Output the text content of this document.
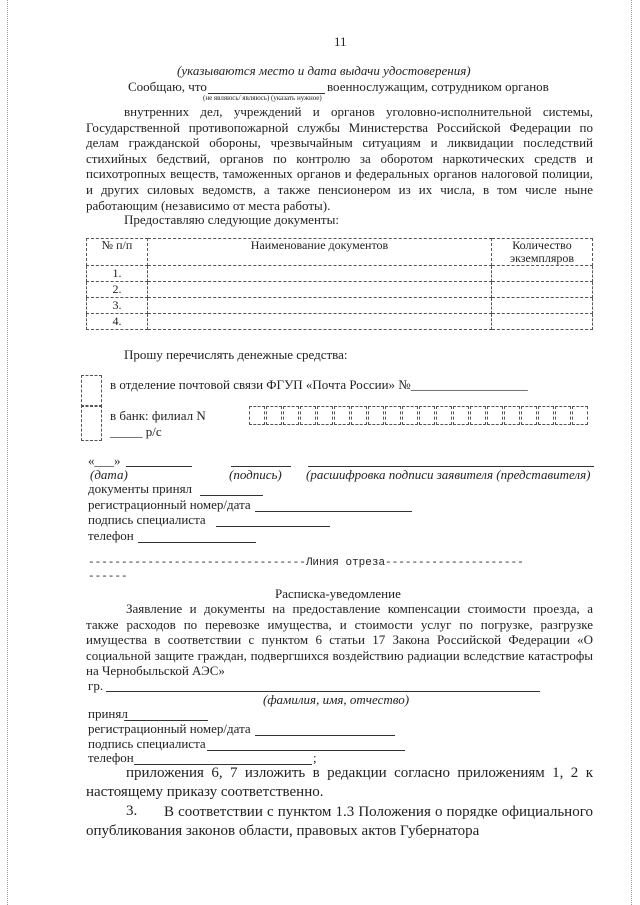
11
(указываются место и дата выдачи удостоверения)
Сообщаю, что	военнослужащим, сотрудником органов
(не являюсь/ являюсь) (указать нужное)
внутренних дел, учреждений и органов уголовно-исполнительной системы, Государственной противопожарной службы Министерства Российской Федерации по делам гражданской обороны, чрезвычайным ситуациям и ликвидации последствий стихийных бедствий, органов по контролю за оборотом наркотических средств и психотропных веществ, таможенных органов и федеральных органов налоговой полиции, и других силовых ведомств, а также пенсионером из их числа, в том числе ныне работающим (независимо от места работы).
Предоставляю следующие документы:
№ п/п	Наименование документов	Количество экземпляров
1.		
2.		
3.		
4.		
Прошу перечислять денежные средства:
в отделение почтовой связи ФГУП «Почта России» №__________________
в банк: филиал N
_____ р/с
«___»
(дата)	(подпись) (расшифровка подписи заявителя (представителя)
документы принял
регистрационный номер/дата
подпись специалиста
телефон
---------------------------------Линия отреза---------------------
------
Расписка-уведомление
Заявление и документы на предоставление компенсации стоимости проезда, а также расходов по перевозке имущества, и стоимости услуг по погрузке, разгрузке имущества в соответствии с пунктом 6 статьи 17 Закона Российской Федерации «О социальной защите граждан, подвергшихся воздействию радиации вследствие катастрофы на Чернобыльской АЭС»
гр.
(фамилия, имя, отчество)
принял
регистрационный номер/дата
подпись специалиста
телефон	;
приложения 6, 7 изложить в редакции согласно приложениям 1, 2 к настоящему приказу соответственно.
3.	В соответствии с пунктом 1.3 Положения о порядке официального опубликования законов области, правовых актов Губернатора
